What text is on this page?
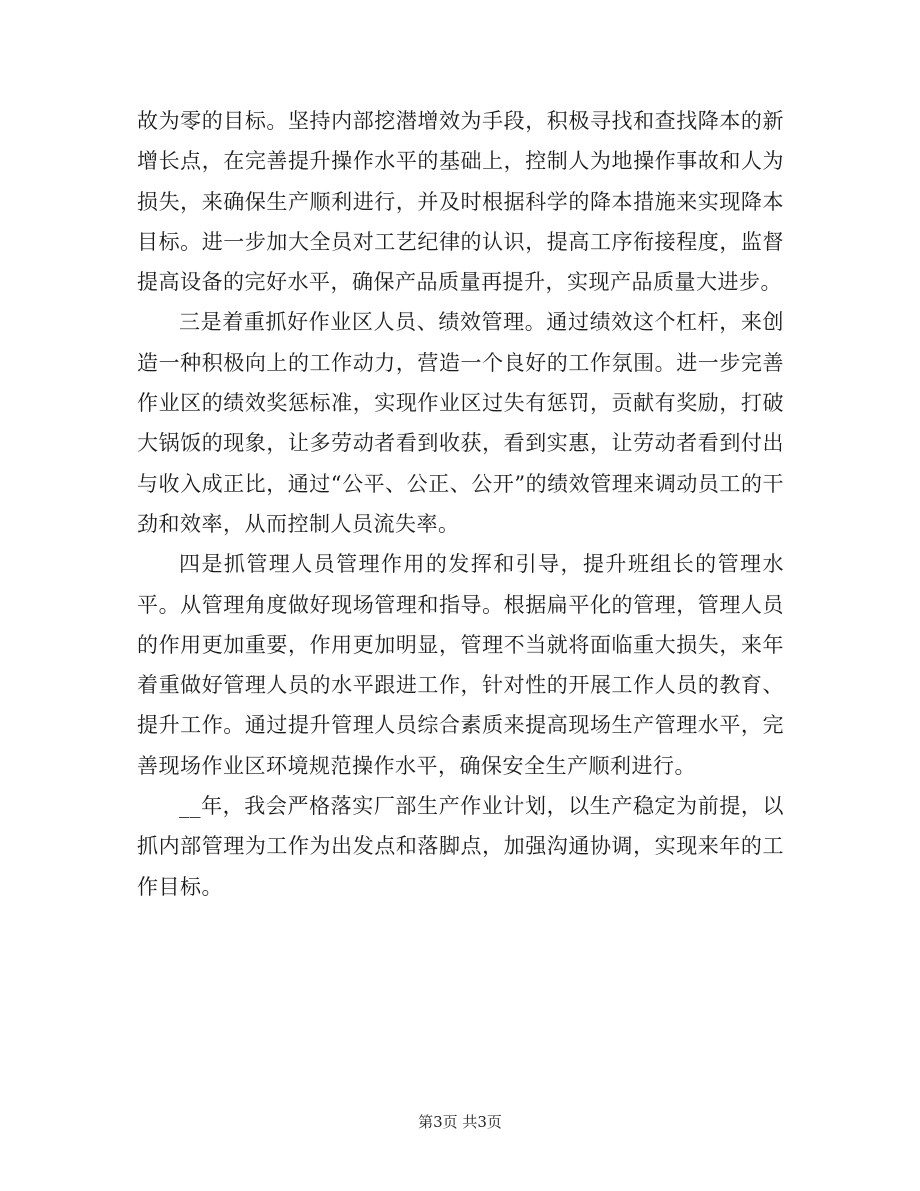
故为零的目标。坚持内部挖潜增效为手段，积极寻找和查找降本的新增长点，在完善提升操作水平的基础上，控制人为地操作事故和人为损失，来确保生产顺利进行，并及时根据科学的降本措施来实现降本目标。进一步加大全员对工艺纪律的认识，提高工序衔接程度，监督提高设备的完好水平，确保产品质量再提升，实现产品质量大进步。

三是着重抓好作业区人员、绩效管理。通过绩效这个杠杆，来创造一种积极向上的工作动力，营造一个良好的工作氛围。进一步完善作业区的绩效奖惩标准，实现作业区过失有惩罚，贡献有奖励，打破大锅饭的现象，让多劳动者看到收获，看到实惠，让劳动者看到付出与收入成正比，通过“公平、公正、公开”的绩效管理来调动员工的干劲和效率，从而控制人员流失率。

四是抓管理人员管理作用的发挥和引导，提升班组长的管理水平。从管理角度做好现场管理和指导。根据扁平化的管理，管理人员的作用更加重要，作用更加明显，管理不当就将面临重大损失，来年着重做好管理人员的水平跟进工作，针对性的开展工作人员的教育、提升工作。通过提升管理人员综合素质来提高现场生产管理水平，完善现场作业区环境规范操作水平，确保安全生产顺利进行。

__年，我会严格落实厂部生产作业计划，以生产稳定为前提，以抓内部管理为工作为出发点和落脚点，加强沟通协调，实现来年的工作目标。

第3页 共3页
